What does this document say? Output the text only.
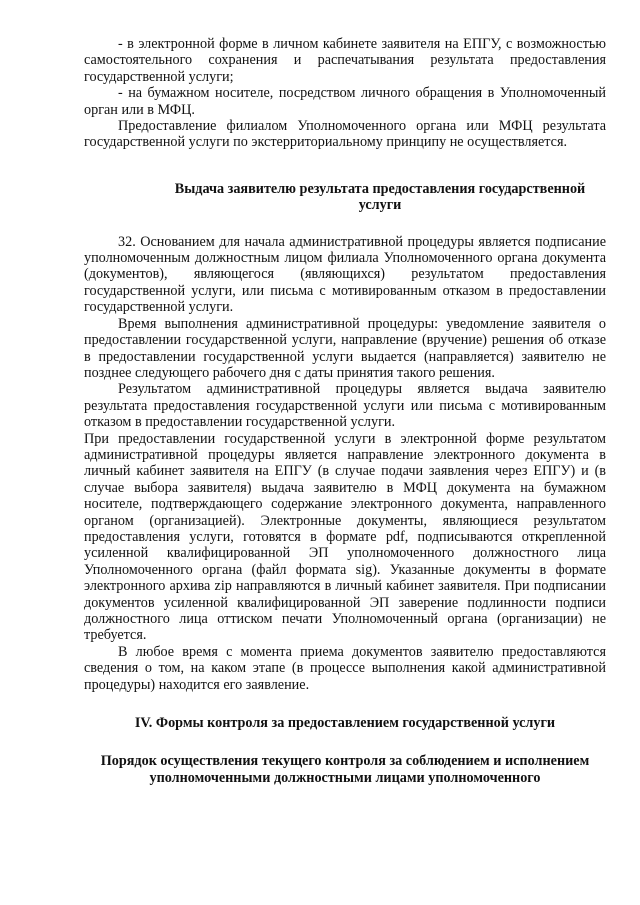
- в электронной форме в личном кабинете заявителя на ЕПГУ, с возможностью самостоятельного сохранения и распечатывания результата предоставления государственной услуги;

- на бумажном носителе, посредством личного обращения в Уполномоченный орган или в МФЦ.

Предоставление филиалом Уполномоченного органа или МФЦ результата государственной услуги по экстерриториальному принципу не осуществляется.

Выдача заявителю результата предоставления государственной услуги

32. Основанием для начала административной процедуры является подписание уполномоченным должностным лицом филиала Уполномоченного органа документа (документов), являющегося (являющихся) результатом предоставления государственной услуги, или письма с мотивированным отказом в предоставлении государственной услуги.

Время выполнения административной процедуры: уведомление заявителя о предоставлении государственной услуги, направление (вручение) решения об отказе в предоставлении государственной услуги выдается (направляется) заявителю не позднее следующего рабочего дня с даты принятия такого решения.

Результатом административной процедуры является выдача заявителю результата предоставления государственной услуги или письма с мотивированным отказом в предоставлении государственной услуги.

При предоставлении государственной услуги в электронной форме результатом административной процедуры является направление электронного документа в личный кабинет заявителя на ЕПГУ (в случае подачи заявления через ЕПГУ) и (в случае выбора заявителя) выдача заявителю в МФЦ документа на бумажном носителе, подтверждающего содержание электронного документа, направленного органом (организацией). Электронные документы, являющиеся результатом предоставления услуги, готовятся в формате pdf, подписываются открепленной усиленной квалифицированной ЭП уполномоченного должностного лица Уполномоченного органа (файл формата sig). Указанные документы в формате электронного архива zip направляются в личный кабинет заявителя. При подписании документов усиленной квалифицированной ЭП заверение подлинности подписи должностного лица оттиском печати Уполномоченный органа (организации) не требуется.

В любое время с момента приема документов заявителю предоставляются сведения о том, на каком этапе (в процессе выполнения какой административной процедуры) находится его заявление.

IV. Формы контроля за предоставлением государственной услуги

Порядок осуществления текущего контроля за соблюдением и исполнением уполномоченными должностными лицами уполномоченного
